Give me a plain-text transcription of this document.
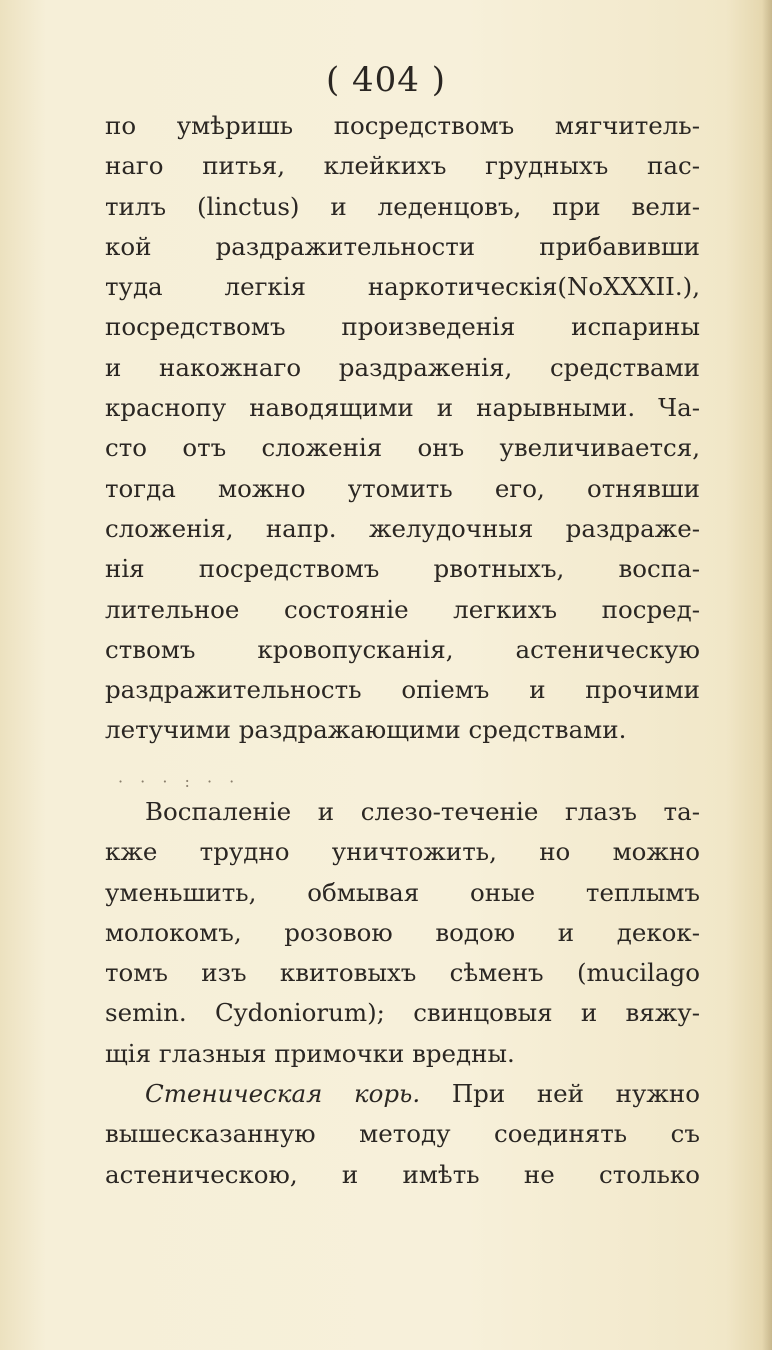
( 404 )
по умѣришь посредствомъ мягчитель-
наго питья, клейкихъ грудныхъ пас-
тилъ (linctus) и леденцовъ, при вели-
кой раздражительности прибавивши
туда легкія наркотическія(NoXXXII.),
посредствомъ произведенія испарины
и накожнаго раздраженія, средствами
краснопу наводящими и нарывными. Ча-
сто отъ сложенія онъ увеличивается,
тогда можно утомить его, отнявши
сложенія, напр. желудочныя раздраже-
нія посредствомъ рвотныхъ, воспа-
лительное состояніе легкихъ посред-
ствомъ кровопусканія, астеническую
раздражительность опіемъ и прочими
летучими раздражающими средствами.
· · · : · ·
Воспаленіе и слезо-теченіе глазъ та-
кже трудно уничтожить, но можно
уменьшить, обмывая оные теплымъ
молокомъ, розовою водою и декок-
томъ изъ квитовыхъ сѣменъ (mucilago
semin. Cydoniorum); свинцовыя и вяжу-
щія глазныя примочки вредны.
Стеническая корь. При ней нужно
вышесказанную методу соединять съ
астеническою, и имѣть не столько
